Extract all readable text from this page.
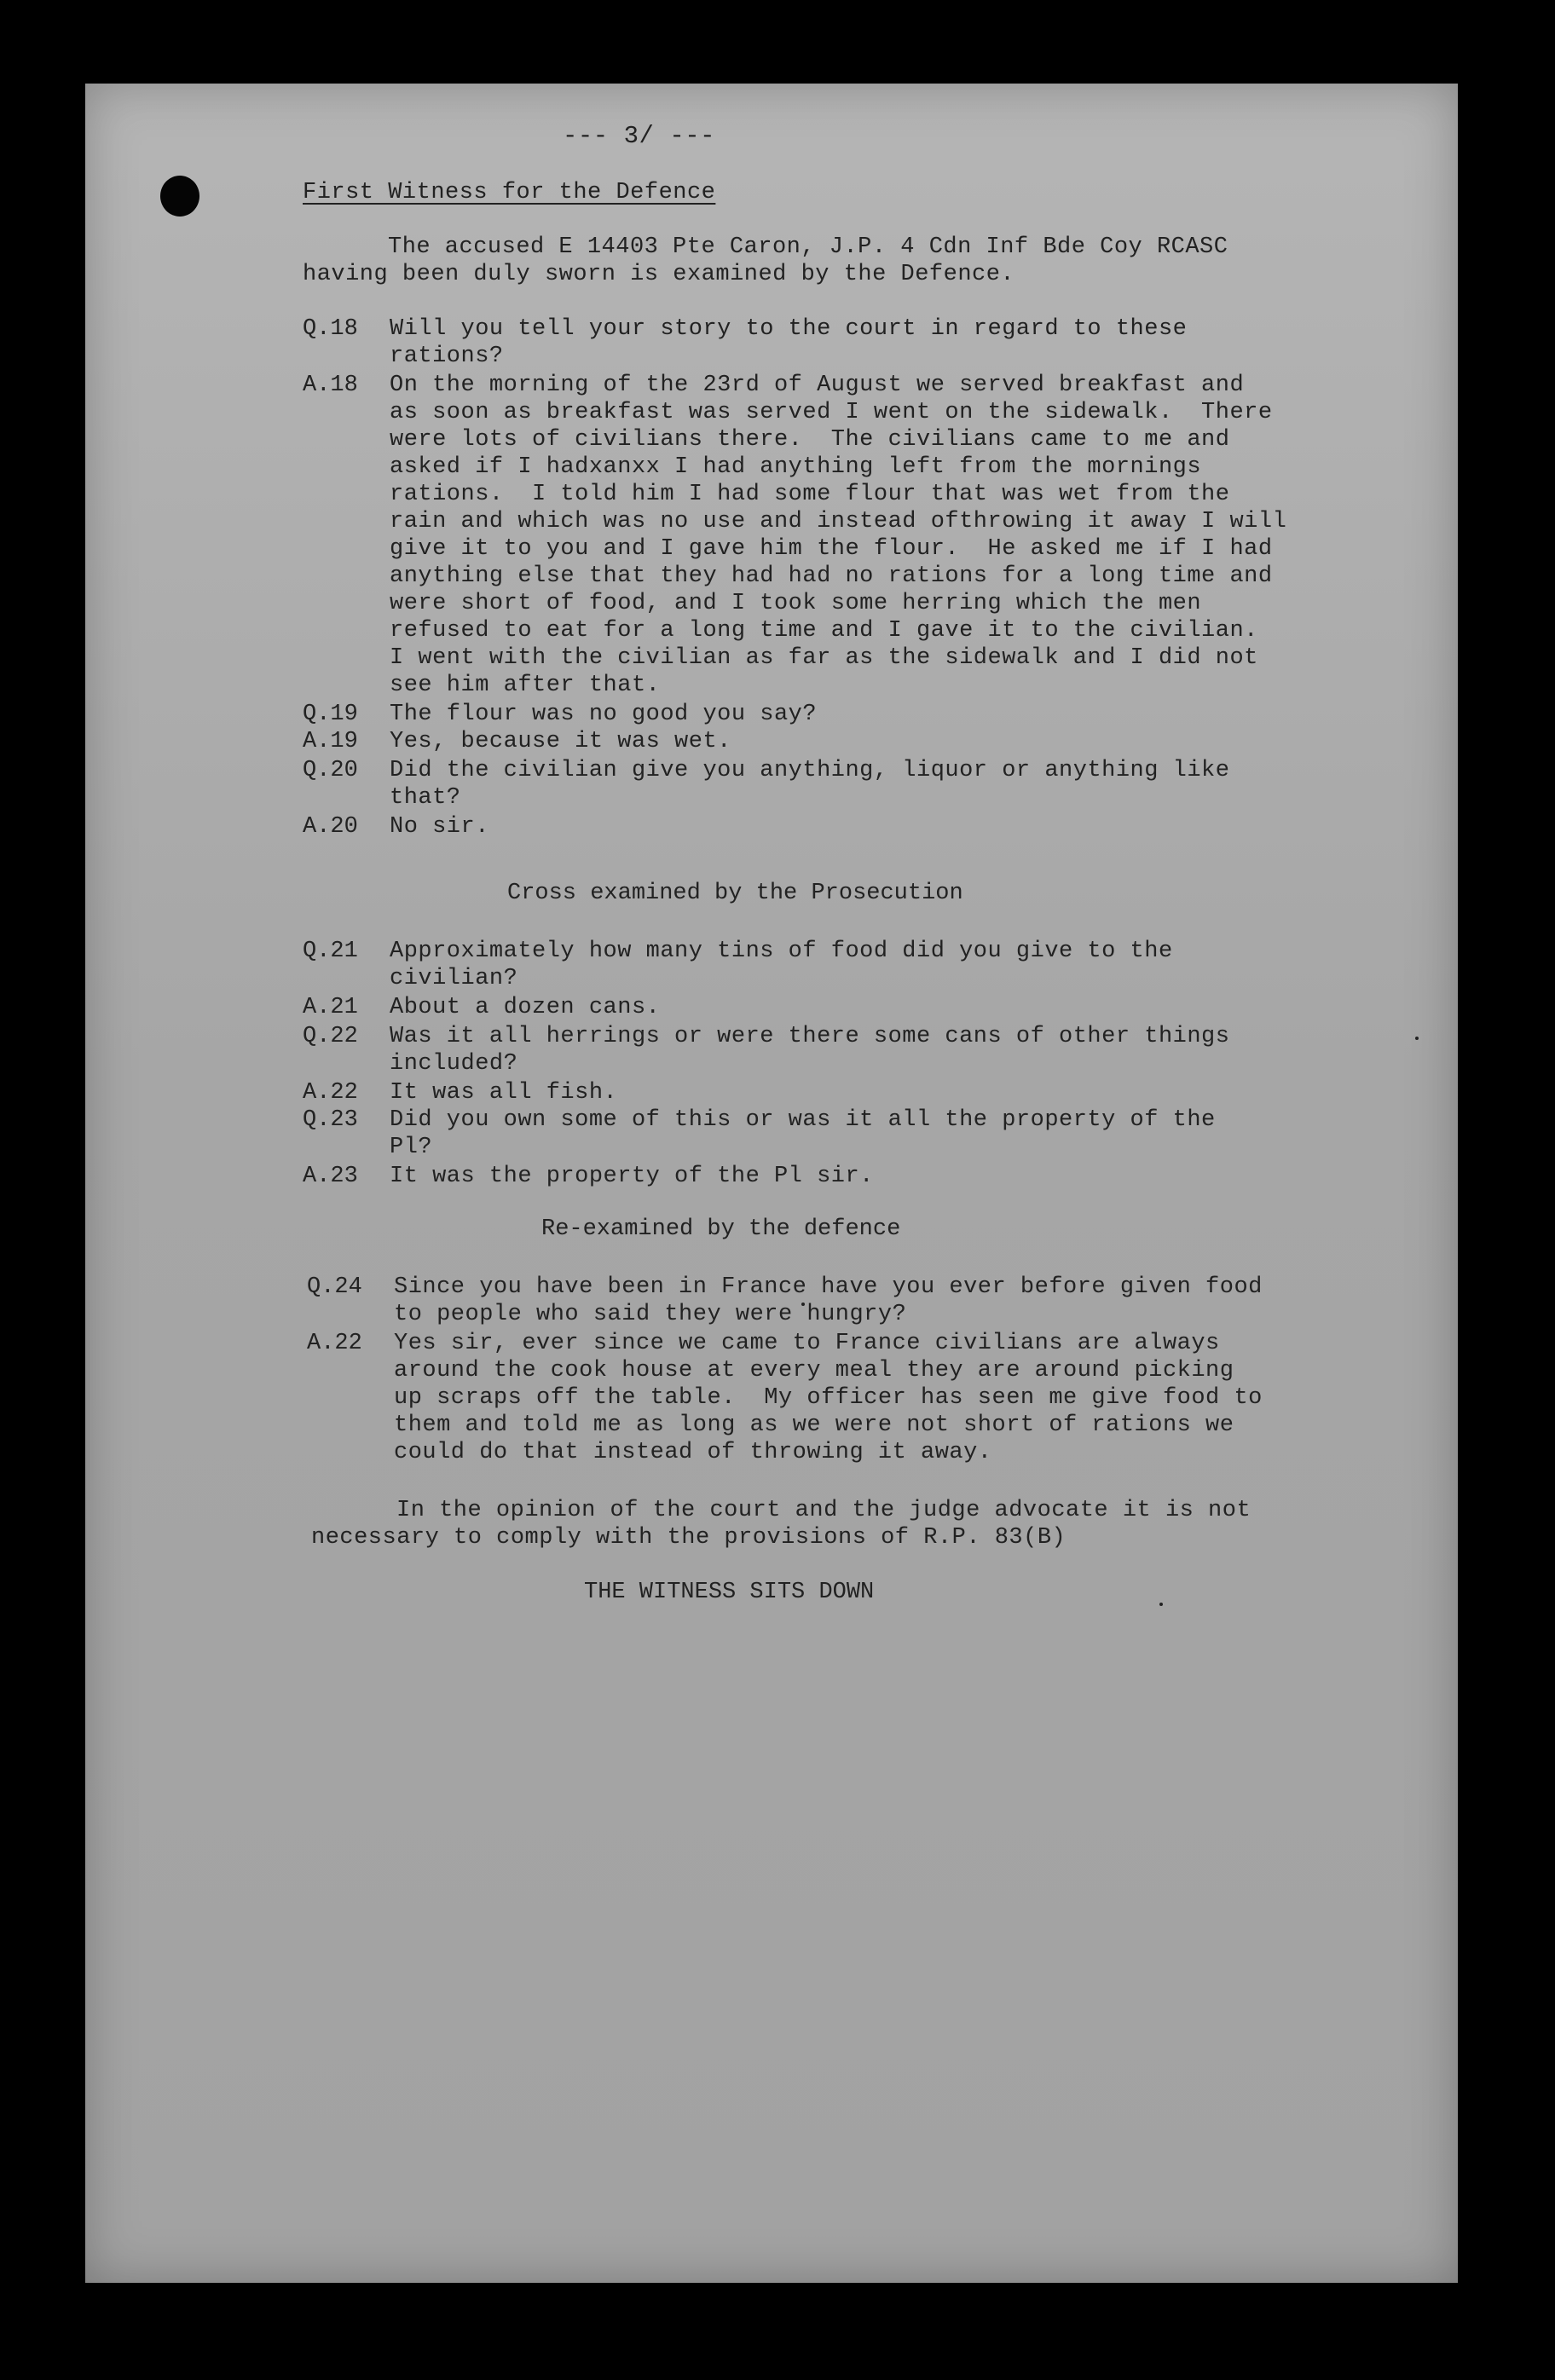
--- 3/ ---
First Witness for the Defence
The accused E 14403 Pte Caron, J.P. 4 Cdn Inf Bde Coy RCASC
having been duly sworn is examined by the Defence.
Q.18 Will you tell your story to the court in regard to these
rations?
A.18 On the morning of the 23rd of August we served breakfast and
as soon as breakfast was served I went on the sidewalk.  There
were lots of civilians there.  The civilians came to me and
asked if I hadxanxx I had anything left from the mornings
rations.  I told him I had some flour that was wet from the
rain and which was no use and instead ofthrowing it away I will
give it to you and I gave him the flour.  He asked me if I had
anything else that they had had no rations for a long time and
were short of food, and I took some herring which the men
refused to eat for a long time and I gave it to the civilian.
I went with the civilian as far as the sidewalk and I did not
see him after that.
Q.19 The flour was no good you say?
A.19 Yes, because it was wet.
Q.20 Did the civilian give you anything, liquor or anything like
that?
A.20 No sir.
Cross examined by the Prosecution
Q.21 Approximately how many tins of food did you give to the
civilian?
A.21 About a dozen cans.
Q.22 Was it all herrings or were there some cans of other things
included?
A.22 It was all fish.
Q.23 Did you own some of this or was it all the property of the
Pl?
A.23 It was the property of the Pl sir.
Re-examined by the defence
Q.24 Since you have been in France have you ever before given food
to people who said they were hungry?
A.22 Yes sir, ever since we came to France civilians are always
around the cook house at every meal they are around picking
up scraps off the table.  My officer has seen me give food to
them and told me as long as we were not short of rations we
could do that instead of throwing it away.
In the opinion of the court and the judge advocate it is not
necessary to comply with the provisions of R.P. 83(B)
THE WITNESS SITS DOWN
